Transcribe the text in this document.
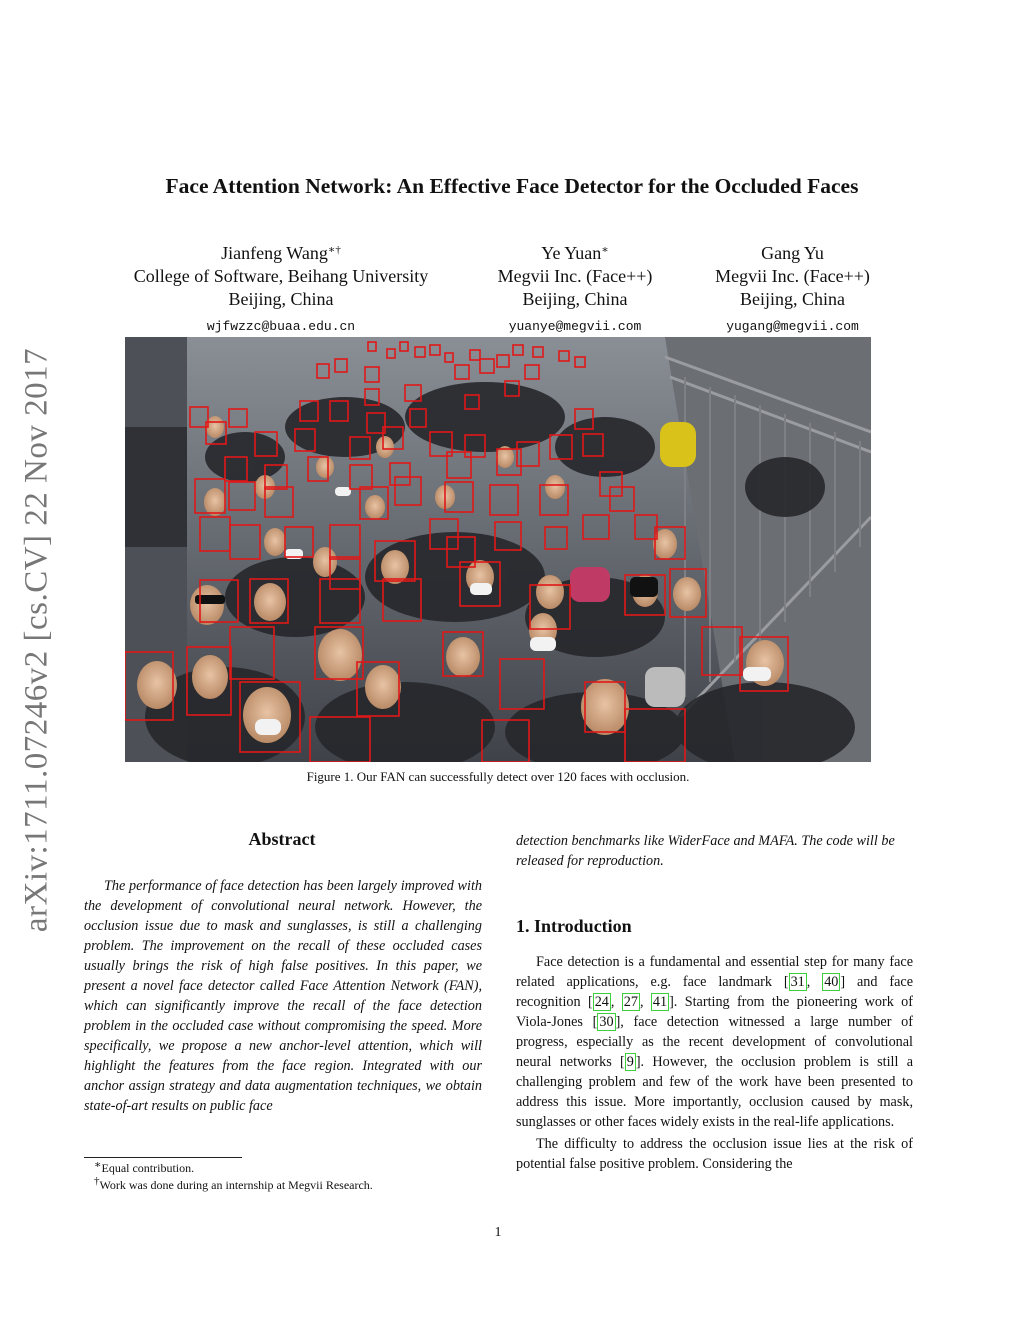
arXiv:1711.07246v2 [cs.CV] 22 Nov 2017
Face Attention Network: An Effective Face Detector for the Occluded Faces
Jianfeng Wang∗†
College of Software, Beihang University
Beijing, China
wjfwzzc@buaa.edu.cn
Ye Yuan∗
Megvii Inc. (Face++)
Beijing, China
yuanye@megvii.com
Gang Yu
Megvii Inc. (Face++)
Beijing, China
yugang@megvii.com
Figure 1. Our FAN can successfully detect over 120 faces with occlusion.
Abstract
The performance of face detection has been largely improved with the development of convolutional neural network. However, the occlusion issue due to mask and sunglasses, is still a challenging problem. The improvement on the recall of these occluded cases usually brings the risk of high false positives. In this paper, we present a novel face detector called Face Attention Network (FAN), which can significantly improve the recall of the face detection problem in the occluded case without compromising the speed. More specifically, we propose a new anchor-level attention, which will highlight the features from the face region. Integrated with our anchor assign strategy and data augmentation techniques, we obtain state-of-art results on public face
∗Equal contribution.
†Work was done during an internship at Megvii Research.
detection benchmarks like WiderFace and MAFA. The code will be released for reproduction.
1. Introduction

Face detection is a fundamental and essential step for many face related applications, e.g. face landmark [ 31 , 40 ] and face recognition [ 24 , 27 , 41 ]. Starting from the pioneering work of Viola-Jones [ 30 ], face detection witnessed a large number of progress, especially as the recent development of convolutional neural networks [ 9 ]. However, the occlusion problem is still a challenging problem and few of the work have been presented to address this issue. More importantly, occlusion caused by mask, sunglasses or other faces widely exists in the real-life applications.

The difficulty to address the occlusion issue lies at the risk of potential false positive problem. Considering the

1
